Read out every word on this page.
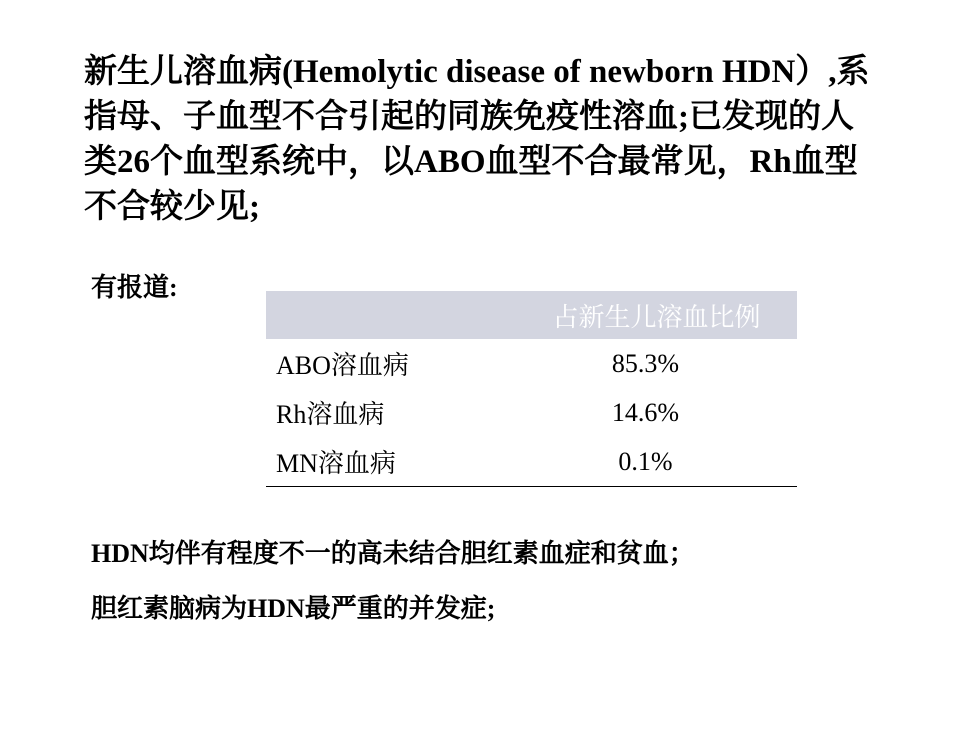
新生儿溶血病(Hemolytic disease of newborn HDN）,系指母、子血型不合引起的同族免疫性溶血;已发现的人类26个血型系统中，以ABO血型不合最常见，Rh血型不合较少见;

有报道:

	占新生儿溶血比例
ABO溶血病	85.3%
Rh溶血病	14.6%
MN溶血病	0.1%

HDN均伴有程度不一的高未结合胆红素血症和贫血；

胆红素脑病为HDN最严重的并发症;
